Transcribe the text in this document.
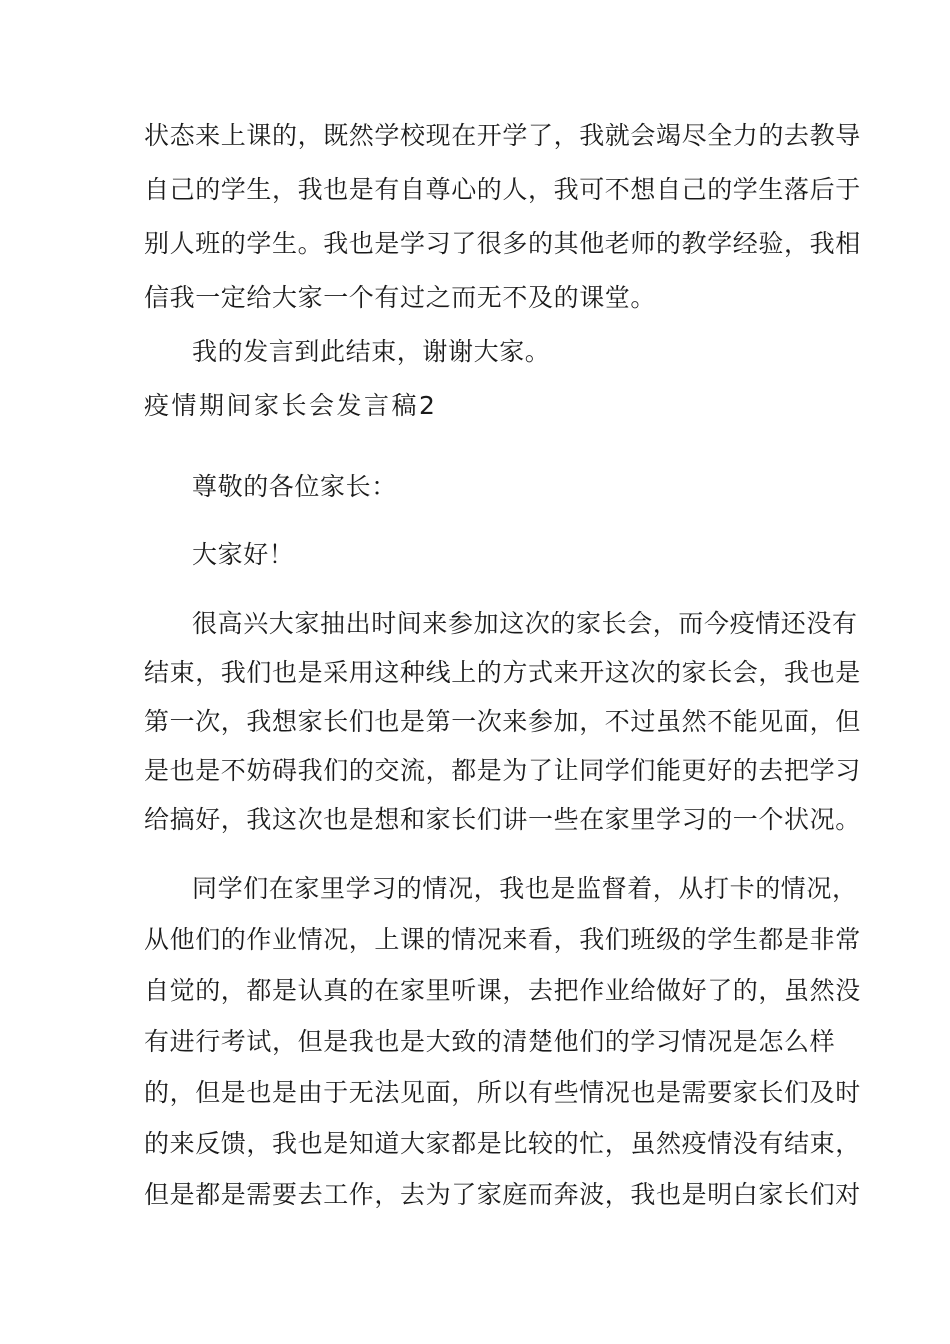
状态来上课的，既然学校现在开学了，我就会竭尽全力的去教导
自己的学生，我也是有自尊心的人，我可不想自己的学生落后于
别人班的学生。我也是学习了很多的其他老师的教学经验，我相
信我一定给大家一个有过之而无不及的课堂。
我的发言到此结束，谢谢大家。
疫情期间家长会发言稿2
尊敬的各位家长：
大家好！
很高兴大家抽出时间来参加这次的家长会，而今疫情还没有
结束，我们也是采用这种线上的方式来开这次的家长会，我也是
第一次，我想家长们也是第一次来参加，不过虽然不能见面，但
是也是不妨碍我们的交流，都是为了让同学们能更好的去把学习
给搞好，我这次也是想和家长们讲一些在家里学习的一个状况。
同学们在家里学习的情况，我也是监督着，从打卡的情况，
从他们的作业情况，上课的情况来看，我们班级的学生都是非常
自觉的，都是认真的在家里听课，去把作业给做好了的，虽然没
有进行考试，但是我也是大致的清楚他们的学习情况是怎么样
的，但是也是由于无法见面，所以有些情况也是需要家长们及时
的来反馈，我也是知道大家都是比较的忙，虽然疫情没有结束，
但是都是需要去工作，去为了家庭而奔波，我也是明白家长们对
